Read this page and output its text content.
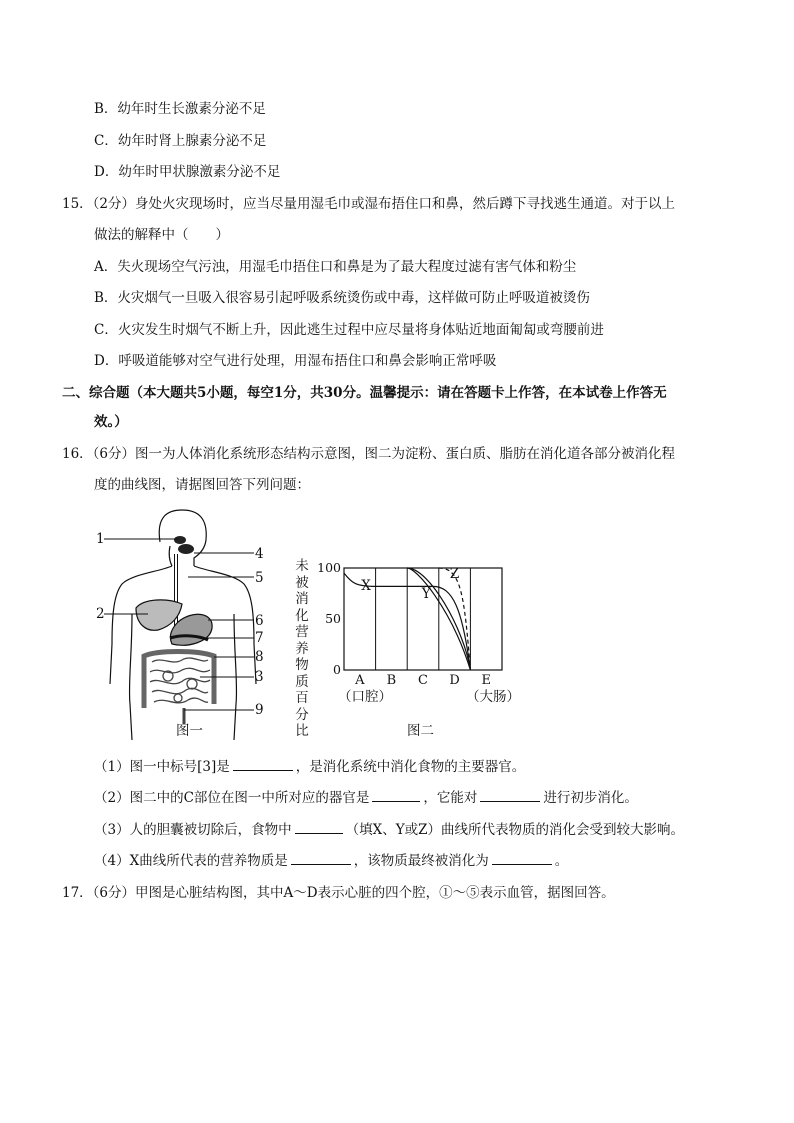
B．幼年时生长激素分泌不足
C．幼年时肾上腺素分泌不足
D．幼年时甲状腺激素分泌不足
15．（2分）身处火灾现场时，应当尽量用湿毛巾或湿布捂住口和鼻，然后蹲下寻找逃生通道。对于以上
做法的解释中（　　）
A．失火现场空气污浊，用湿毛巾捂住口和鼻是为了最大程度过滤有害气体和粉尘
B．火灾烟气一旦吸入很容易引起呼吸系统烫伤或中毒，这样做可防止呼吸道被烫伤
C．火灾发生时烟气不断上升，因此逃生过程中应尽量将身体贴近地面匍匐或弯腰前进
D．呼吸道能够对空气进行处理，用湿布捂住口和鼻会影响正常呼吸
二、综合题（本大题共5小题，每空1分，共30分。温馨提示：请在答题卡上作答，在本试卷上作答无
效。）
16．（6分）图一为人体消化系统形态结构示意图，图二为淀粉、蛋白质、脂肪在消化道各部分被消化程
度的曲线图，请据图回答下列问题：
1
2
3
4
5
6
7
8
9
图一
0
50
100
A B C D E
X	Y
Z
未被
消化
营养
物质
百分
比
（口腔）	（大肠）
图二
（1）图一中标号[3]是	，是消化系统中消化食物的主要器官。
（2）图二中的C部位在图一中所对应的器官是	，它能对	进行初步消化。
（3）人的胆囊被切除后，食物中	（填X、Y或Z）曲线所代表物质的消化会受到较大影响。
（4）X曲线所代表的营养物质是	，该物质最终被消化为	。
17．（6分）甲图是心脏结构图，其中A～D表示心脏的四个腔，①～⑤表示血管，据图回答。
